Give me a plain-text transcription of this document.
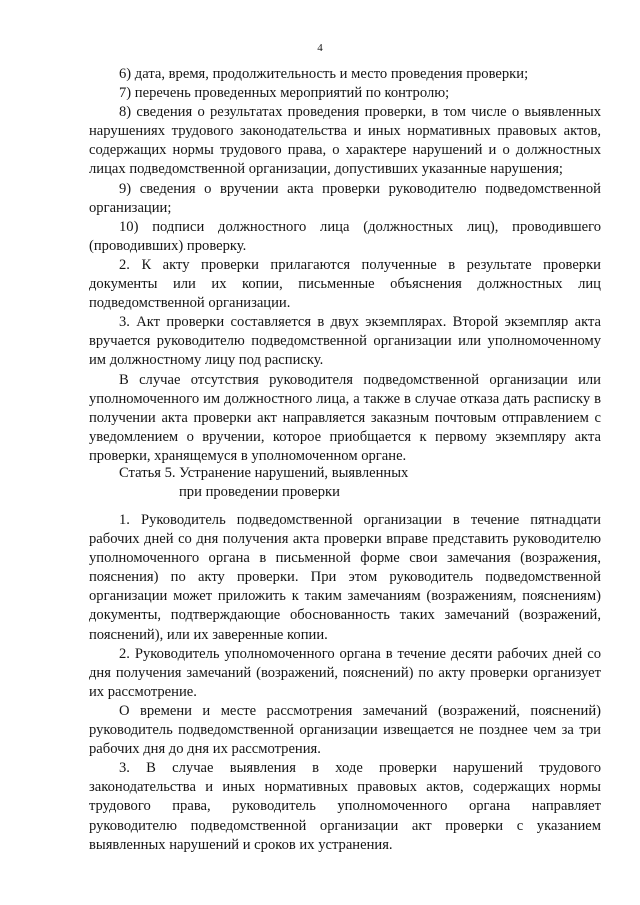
4

6) дата, время, продолжительность и место проведения проверки;

7) перечень проведенных мероприятий по контролю;

8) сведения о результатах проведения проверки, в том числе о выявленных нарушениях трудового законодательства и иных нормативных правовых актов, содержащих нормы трудового права, о характере нарушений и о должностных лицах подведомственной организации, допустивших указанные нарушения;

9) сведения о вручении акта проверки руководителю подведомственной организации;

10) подписи должностного лица (должностных лиц), проводившего (проводивших) проверку.

2. К акту проверки прилагаются полученные в результате проверки документы или их копии, письменные объяснения должностных лиц подведомственной организации.

3. Акт проверки составляется в двух экземплярах. Второй экземпляр акта вручается руководителю подведомственной организации или уполномоченному им должностному лицу под расписку.

В случае отсутствия руководителя подведомственной организации или уполномоченного им должностного лица, а также в случае отказа дать расписку в получении акта проверки акт направляется заказным почтовым отправлением с уведомлением о вручении, которое приобщается к первому экземпляру акта проверки, хранящемуся в уполномоченном органе.

Статья 5. Устранение нарушений, выявленных
при проведении проверки

1. Руководитель подведомственной организации в течение пятнадцати рабочих дней со дня получения акта проверки вправе представить руководителю уполномоченного органа в письменной форме свои замечания (возражения, пояснения) по акту проверки. При этом руководитель подведомственной организации может приложить к таким замечаниям (возражениям, пояснениям) документы, подтверждающие обоснованность таких замечаний (возражений, пояснений), или их заверенные копии.

2. Руководитель уполномоченного органа в течение десяти рабочих дней со дня получения замечаний (возражений, пояснений) по акту проверки организует их рассмотрение.

О времени и месте рассмотрения замечаний (возражений, пояснений) руководитель подведомственной организации извещается не позднее чем за три рабочих дня до дня их рассмотрения.

3. В случае выявления в ходе проверки нарушений трудового законодательства и иных нормативных правовых актов, содержащих нормы трудового права, руководитель уполномоченного органа направляет руководителю подведомственной организации акт проверки с указанием выявленных нарушений и сроков их устранения.
